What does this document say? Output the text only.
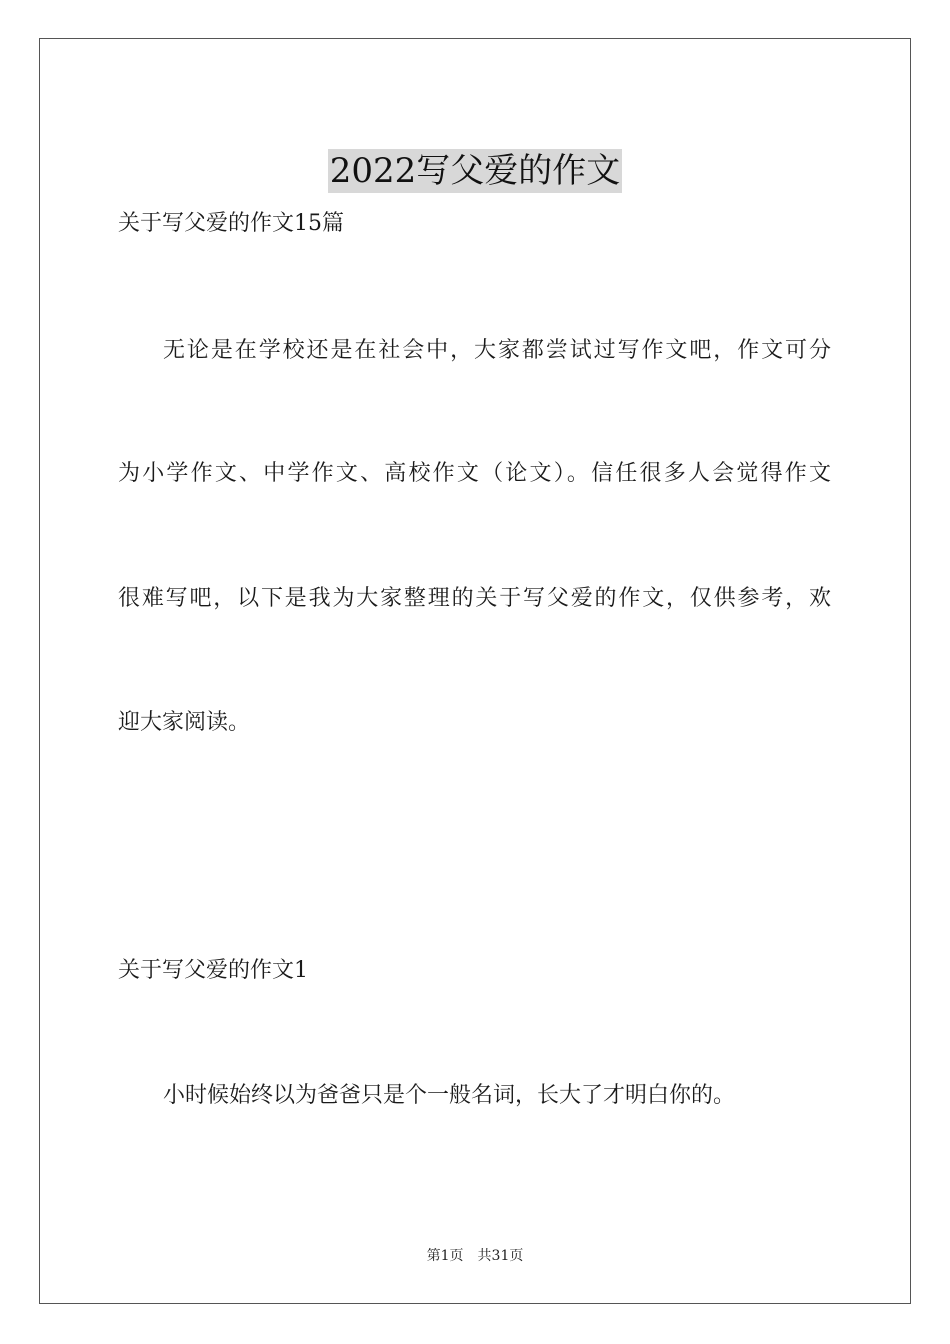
2022写父爱的作文
关于写父爱的作文15篇
无论是在学校还是在社会中，大家都尝试过写作文吧，作文可分
为小学作文、中学作文、高校作文（论文）。信任很多人会觉得作文
很难写吧，以下是我为大家整理的关于写父爱的作文，仅供参考，欢
迎大家阅读。
关于写父爱的作文1
小时候始终以为爸爸只是个一般名词，长大了才明白你的。
第1页 共31页
